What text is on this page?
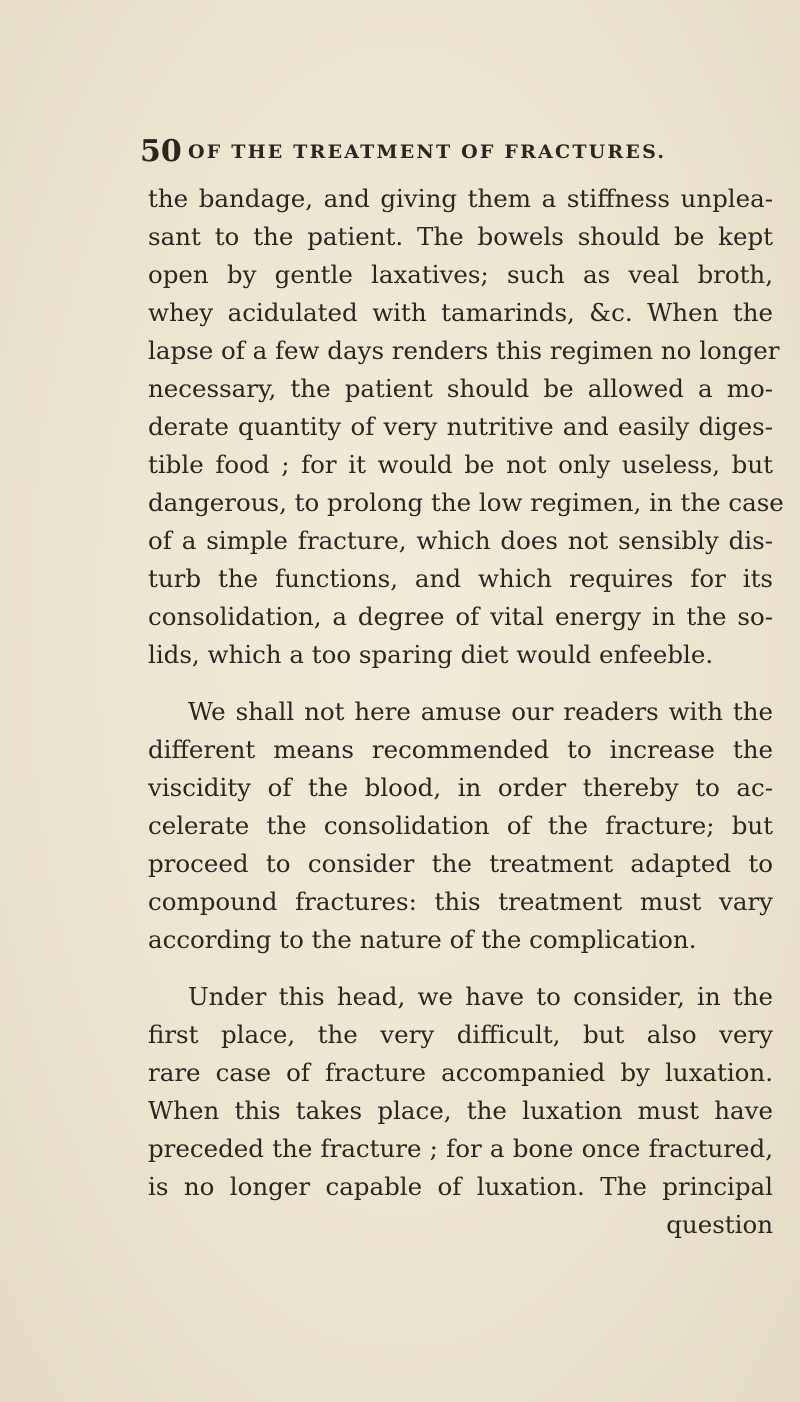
50 OF THE TREATMENT OF FRACTURES.
the bandage, and giving them a stiffness unplea-
sant to the patient. The bowels should be kept
open by gentle laxatives; such as veal broth,
whey acidulated with tamarinds, &c. When the
lapse of a few days renders this regimen no longer
necessary, the patient should be allowed a mo-
derate quantity of very nutritive and easily diges-
tible food ; for it would be not only useless, but
dangerous, to prolong the low regimen, in the case
of a simple fracture, which does not sensibly dis-
turb the functions, and which requires for its
consolidation, a degree of vital energy in the so-
lids, which a too sparing diet would enfeeble.
We shall not here amuse our readers with the
different means recommended to increase the
viscidity of the blood, in order thereby to ac-
celerate the consolidation of the fracture; but
proceed to consider the treatment adapted to
compound fractures: this treatment must vary
according to the nature of the complication.
Under this head, we have to consider, in the
first place, the very difficult, but also very
rare case of fracture accompanied by luxation.
When this takes place, the luxation must have
preceded the fracture ; for a bone once fractured,
is no longer capable of luxation. The principal
question
